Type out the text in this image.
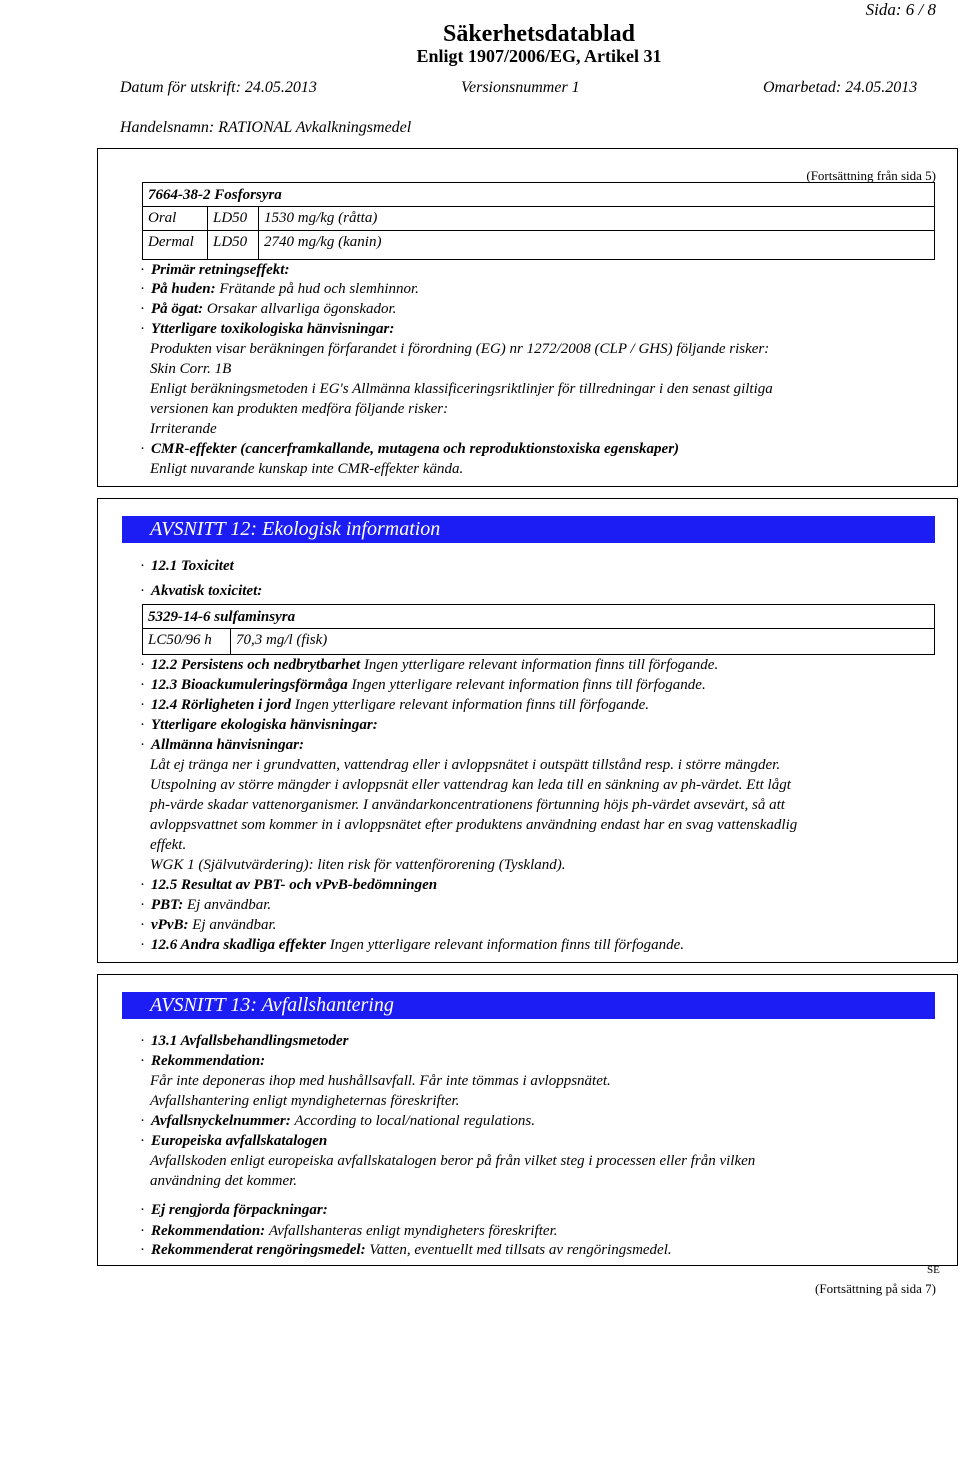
Sida: 6 / 8
Säkerhetsdatablad
Enligt 1907/2006/EG, Artikel 31
Datum för utskrift: 24.05.2013	Versionsnummer 1	Omarbetad: 24.05.2013
Handelsnamn: RATIONAL Avkalkningsmedel
(Fortsättning från sida 5)
7664-38-2 Fosforsyra
Oral	LD50	1530 mg/kg (råtta)
Dermal	LD50	2740 mg/kg (kanin)
· Primär retningseffekt:
· På huden: Frätande på hud och slemhinnor.
· På ögat: Orsakar allvarliga ögonskador.
· Ytterligare toxikologiska hänvisningar:
Produkten visar beräkningen förfarandet i förordning (EG) nr 1272/2008 (CLP / GHS) följande risker:
Skin Corr. 1B
Enligt beräkningsmetoden i EG's Allmänna klassificeringsriktlinjer för tillredningar i den senast giltiga
versionen kan produkten medföra följande risker:
Irriterande
· CMR-effekter (cancerframkallande, mutagena och reproduktionstoxiska egenskaper)
Enligt nuvarande kunskap inte CMR-effekter kända.
AVSNITT 12: Ekologisk information
· 12.1 Toxicitet
· Akvatisk toxicitet:
5329-14-6 sulfaminsyra
LC50/96 h	70,3 mg/l (fisk)
· 12.2 Persistens och nedbrytbarhet Ingen ytterligare relevant information finns till förfogande.
· 12.3 Bioackumuleringsförmåga Ingen ytterligare relevant information finns till förfogande.
· 12.4 Rörligheten i jord Ingen ytterligare relevant information finns till förfogande.
· Ytterligare ekologiska hänvisningar:
· Allmänna hänvisningar:
Låt ej tränga ner i grundvatten, vattendrag eller i avloppsnätet i outspätt tillstånd resp. i större mängder.
Utspolning av större mängder i avloppsnät eller vattendrag kan leda till en sänkning av ph-värdet. Ett lågt
ph-värde skadar vattenorganismer. I användarkoncentrationens förtunning höjs ph-värdet avsevärt, så att
avloppsvattnet som kommer in i avloppsnätet efter produktens användning endast har en svag vattenskadlig
effekt.
WGK 1 (Självutvärdering): liten risk för vattenförorening (Tyskland).
· 12.5 Resultat av PBT- och vPvB-bedömningen
· PBT: Ej användbar.
· vPvB: Ej användbar.
· 12.6 Andra skadliga effekter Ingen ytterligare relevant information finns till förfogande.
AVSNITT 13: Avfallshantering
· 13.1 Avfallsbehandlingsmetoder
· Rekommendation:
Får inte deponeras ihop med hushållsavfall. Får inte tömmas i avloppsnätet.
Avfallshantering enligt myndigheternas föreskrifter.
· Avfallsnyckelnummer: According to local/national regulations.
· Europeiska avfallskatalogen
Avfallskoden enligt europeiska avfallskatalogen beror på från vilket steg i processen eller från vilken
användning det kommer.
· Ej rengjorda förpackningar:
· Rekommendation: Avfallshanteras enligt myndigheters föreskrifter.
· Rekommenderat rengöringsmedel: Vatten, eventuellt med tillsats av rengöringsmedel.
SE
(Fortsättning på sida 7)
